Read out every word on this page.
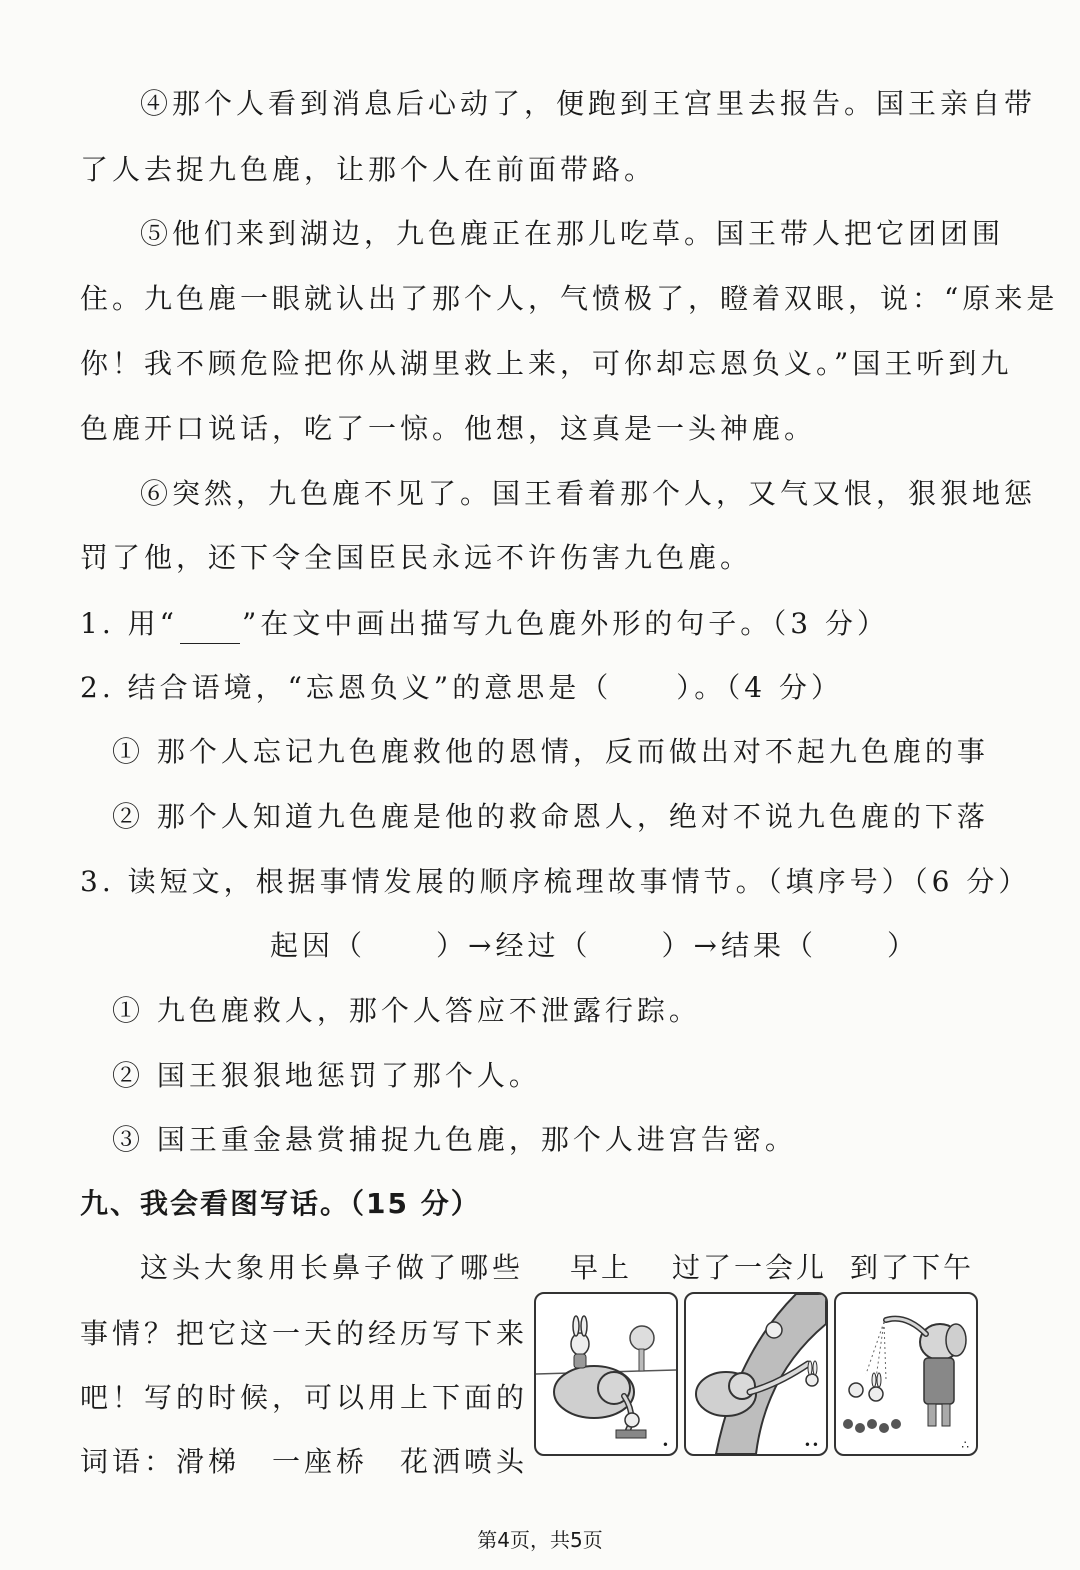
④那个人看到消息后心动了，便跑到王宫里去报告。国王亲自带
了人去捉九色鹿，让那个人在前面带路。
⑤他们来到湖边，九色鹿正在那儿吃草。国王带人把它团团围
住。九色鹿一眼就认出了那个人，气愤极了，瞪着双眼，说：“原来是
你！我不顾危险把你从湖里救上来，可你却忘恩负义。”国王听到九
色鹿开口说话，吃了一惊。他想，这真是一头神鹿。
⑥突然，九色鹿不见了。国王看着那个人，又气又恨，狠狠地惩
罚了他，还下令全国臣民永远不许伤害九色鹿。
1. 用“ ”在文中画出描写九色鹿外形的句子。（3 分）
2. 结合语境，“忘恩负义”的意思是（　　）。（4 分）
① 那个人忘记九色鹿救他的恩情，反而做出对不起九色鹿的事
② 那个人知道九色鹿是他的救命恩人，绝对不说九色鹿的下落
3. 读短文，根据事情发展的顺序梳理故事情节。（填序号）（6 分）
起因（	）→经过（	）→结果（	）
① 九色鹿救人，那个人答应不泄露行踪。
② 国王狠狠地惩罚了那个人。
③ 国王重金悬赏捕捉九色鹿，那个人进宫告密。
九、我会看图写话。（15 分）
这头大象用长鼻子做了哪些
事情？把它这一天的经历写下来
吧！写的时候，可以用上下面的
词语：滑梯　一座桥　花洒喷头
早上 过了一会儿 到了下午
•	••	∴
第4页，共5页
